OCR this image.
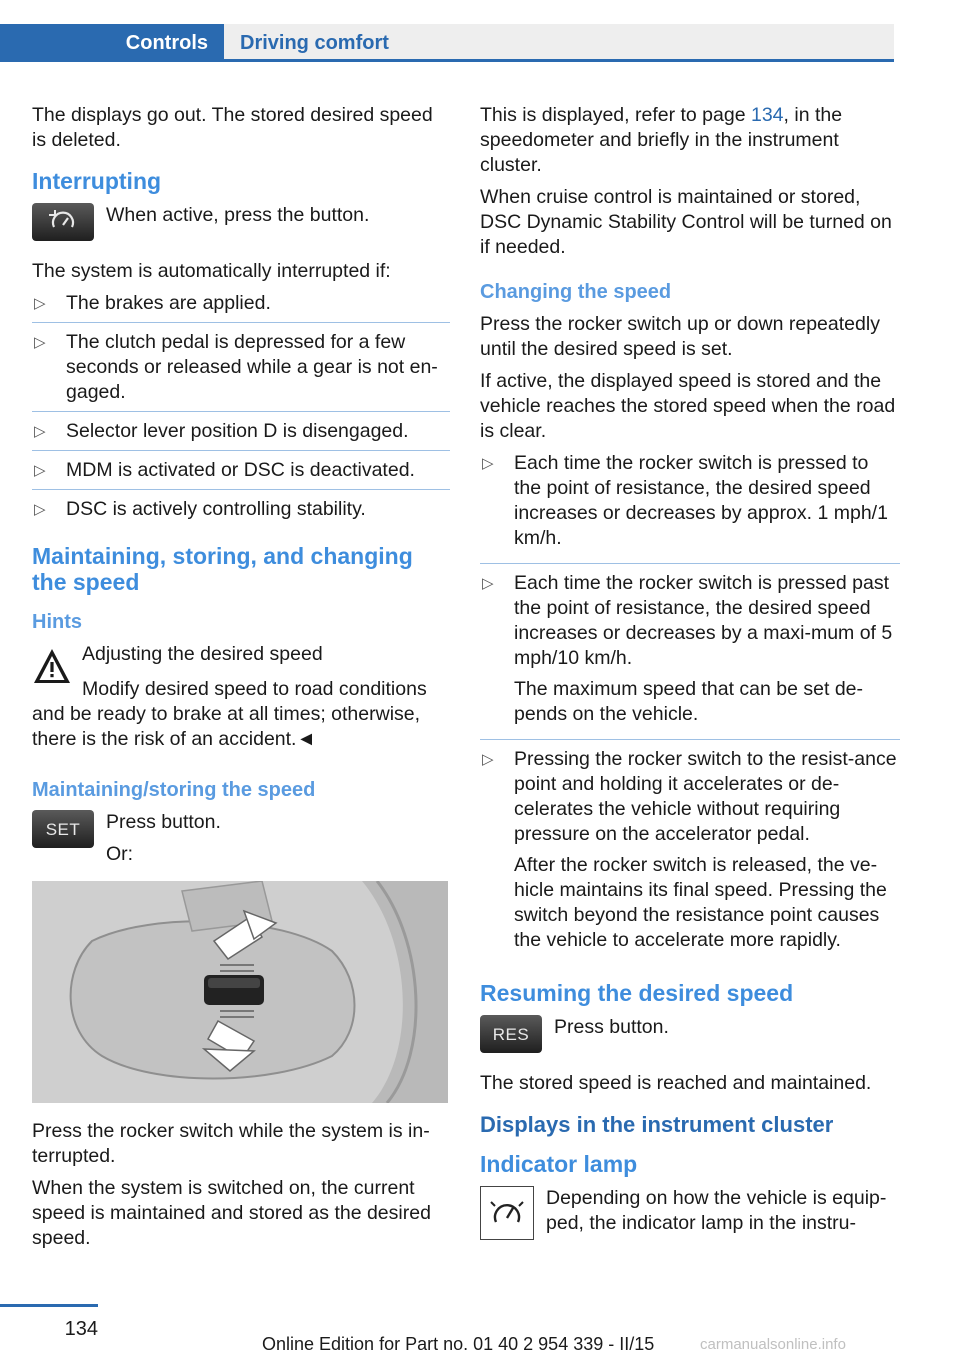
Controls	Driving comfort

The displays go out. The stored desired speed is deleted.

Interrupting
When active, press the button.

The system is automatically interrupted if:

▷ The brakes are applied.
▷ The clutch pedal is depressed for a few seconds or released while a gear is not en-gaged.
▷ Selector lever position D is disengaged.
▷ MDM is activated or DSC is deactivated.
▷ DSC is actively controlling stability.
Maintaining, storing, and changing the speed
Hints
Adjusting the desired speed

Modify desired speed to road conditions and be ready to brake at all times; otherwise, there is the risk of an accident.◄

Maintaining/storing the speed
SET	Press button.

Or:

Press the rocker switch while the system is in-terrupted.

When the system is switched on, the current speed is maintained and stored as the desired speed.

This is displayed, refer to page 134, in the speedometer and briefly in the instrument cluster.

When cruise control is maintained or stored, DSC Dynamic Stability Control will be turned on if needed.

Changing the speed

Press the rocker switch up or down repeatedly until the desired speed is set.

If active, the displayed speed is stored and the vehicle reaches the stored speed when the road is clear.

▷ Each time the rocker switch is pressed to the point of resistance, the desired speed increases or decreases by approx. 1 mph/1 km/h.

▷ Each time the rocker switch is pressed past the point of resistance, the desired speed increases or decreases by a maxi-mum of 5 mph/10 km/h.

The maximum speed that can be set de-pends on the vehicle.

▷ Pressing the rocker switch to the resist-ance point and holding it accelerates or de-celerates the vehicle without requiring pressure on the accelerator pedal.

After the rocker switch is released, the ve-hicle maintains its final speed. Pressing the switch beyond the resistance point causes the vehicle to accelerate more rapidly.

Resuming the desired speed
RES	Press button.

The stored speed is reached and maintained.

Displays in the instrument cluster
Indicator lamp
Depending on how the vehicle is equip-ped, the indicator lamp in the instru-
134
Online Edition for Part no. 01 40 2 954 339 - II/15	carmanualsonline.info
